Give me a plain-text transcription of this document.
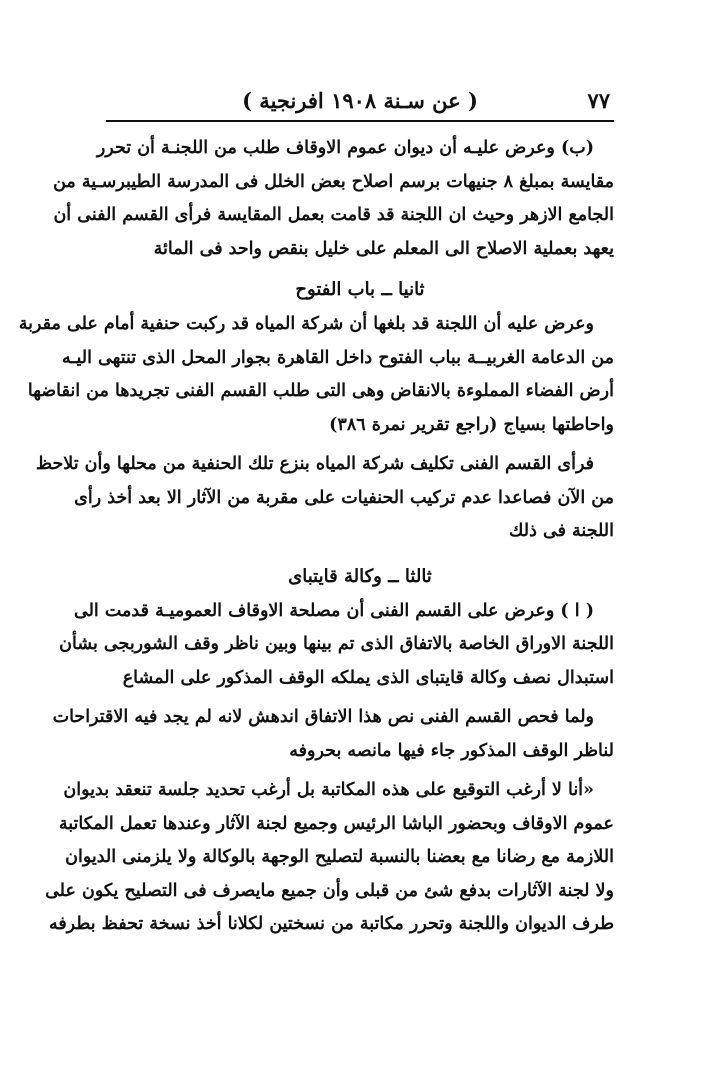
٧٧
( عن سـنة ١٩٠٨ افرنجية )
(ب) وعرض عليـه أن ديوان عموم الاوقاف طلب من اللجنـة أن تحرر
مقايسة بمبلغ ٨ جنيهات برسم اصلاح بعض الخلل فى المدرسة الطيبرسـية من
الجامع الازهر وحيث ان اللجنة قد قامت بعمل المقايسة فرأى القسم الفنى أن
يعهد بعملية الاصلاح الى المعلم على خليل بنقص واحد فى المائة
ثانيا ــ باب الفتوح
وعرض عليه أن اللجنة قد بلغها أن شركة المياه قد ركبت حنفية أمام على مقربة
من الدعامة الغربيــة بباب الفتوح داخل القاهرة بجوار المحل الذى تنتهى اليـه
أرض الفضاء المملوءة بالانقاض وهى التى طلب القسم الفنى تجريدها من انقاضها
واحاطتها بسياج (راجع تقرير نمرة ٣٨٦)
فرأى القسم الفنى تكليف شركة المياه بنزع تلك الحنفية من محلها وأن تلاحظ
من الآن فصاعدا عدم تركيب الحنفيات على مقربة من الآثار الا بعد أخذ رأى
اللجنة فى ذلك
ثالثا ــ وكالة قايتباى
( ا ) وعرض على القسم الفنى أن مصلحة الاوقاف العموميـة قدمت الى
اللجنة الاوراق الخاصة بالاتفاق الذى تم بينها وبين ناظر وقف الشوربجى بشأن
استبدال نصف وكالة قايتباى الذى يملكه الوقف المذكور على المشاع
ولما فحص القسم الفنى نص هذا الاتفاق اندهش لانه لم يجد فيه الاقتراحات
لناظر الوقف المذكور جاء فيها مانصه بحروفه
«أنا لا أرغب التوقيع على هذه المكاتبة بل أرغب تحديد جلسة تنعقد بديوان
عموم الاوقاف وبحضور الباشا الرئيس وجميع لجنة الآثار وعندها تعمل المكاتبة
اللازمة مع رضانا مع بعضنا بالنسبة لتصليح الوجهة بالوكالة ولا يلزمنى الديوان
ولا لجنة الآثارات بدفع شئ من قبلى وأن جميع مايصرف فى التصليح يكون على
طرف الديوان واللجنة وتحرر مكاتبة من نسختين لكلانا أخذ نسخة تحفظ بطرفه
